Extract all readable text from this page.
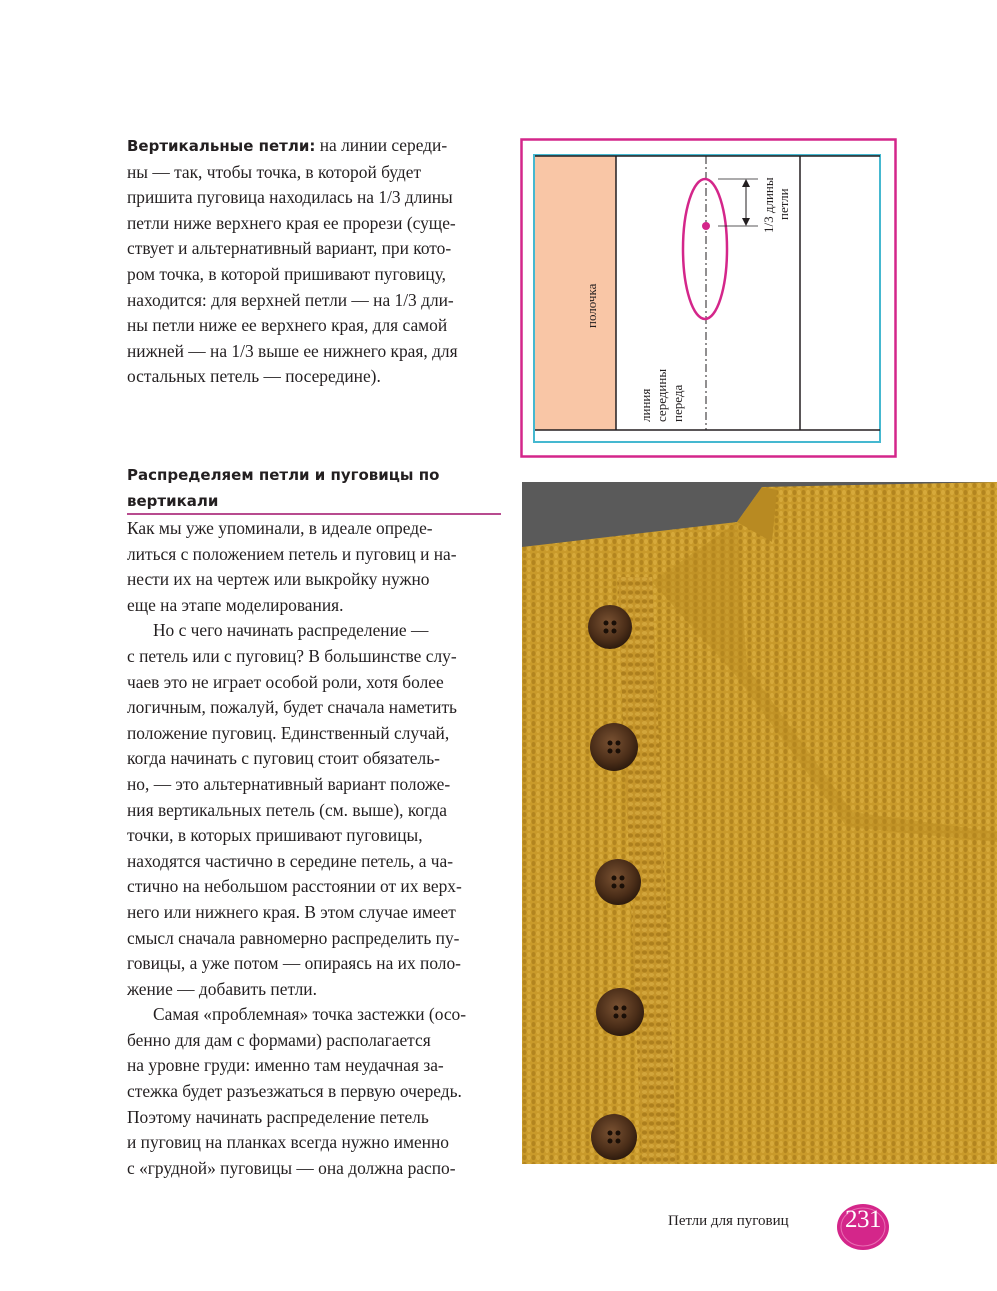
Вертикальные петли: на линии середи-
ны — так, чтобы точка, в которой будет
пришита пуговица находилась на 1/3 длины
петли ниже верхнего края ее прорези (суще-
ствует и альтернативный вариант, при кото-
ром точка, в которой пришивают пуговицу,
находится: для верхней петли — на 1/3 дли-
ны петли ниже ее верхнего края, для самой
нижней — на 1/3 выше ее нижнего края, для
остальных петель — посередине).
полочка
линия середины переда
1/3 длины петли
Распределяем петли и пуговицы по
вертикали

Как мы уже упоминали, в идеале опреде-
литься с положением петель и пуговиц и на-
нести их на чертеж или выкройку нужно
еще на этапе моделирования.

Но с чего начинать распределение —
с петель или с пуговиц? В большинстве слу-
чаев это не играет особой роли, хотя более
логичным, пожалуй, будет сначала наметить
положение пуговиц. Единственный случай,
когда начинать с пуговиц стоит обязатель-
но, — это альтернативный вариант положе-
ния вертикальных петель (см. выше), когда
точки, в которых пришивают пуговицы,
находятся частично в середине петель, а ча-
стично на небольшом расстоянии от их верх-
него или нижнего края. В этом случае имеет
смысл сначала равномерно распределить пу-
говицы, а уже потом — опираясь на их поло-
жение — добавить петли.

Самая «проблемная» точка застежки (осо-
бенно для дам с формами) располагается
на уровне груди: именно там неудачная за-
стежка будет разъезжаться в первую очередь.
Поэтому начинать распределение петель
и пуговиц на планках всегда нужно именно
с «грудной» пуговицы — она должна распо-

Петли для пуговиц	231
